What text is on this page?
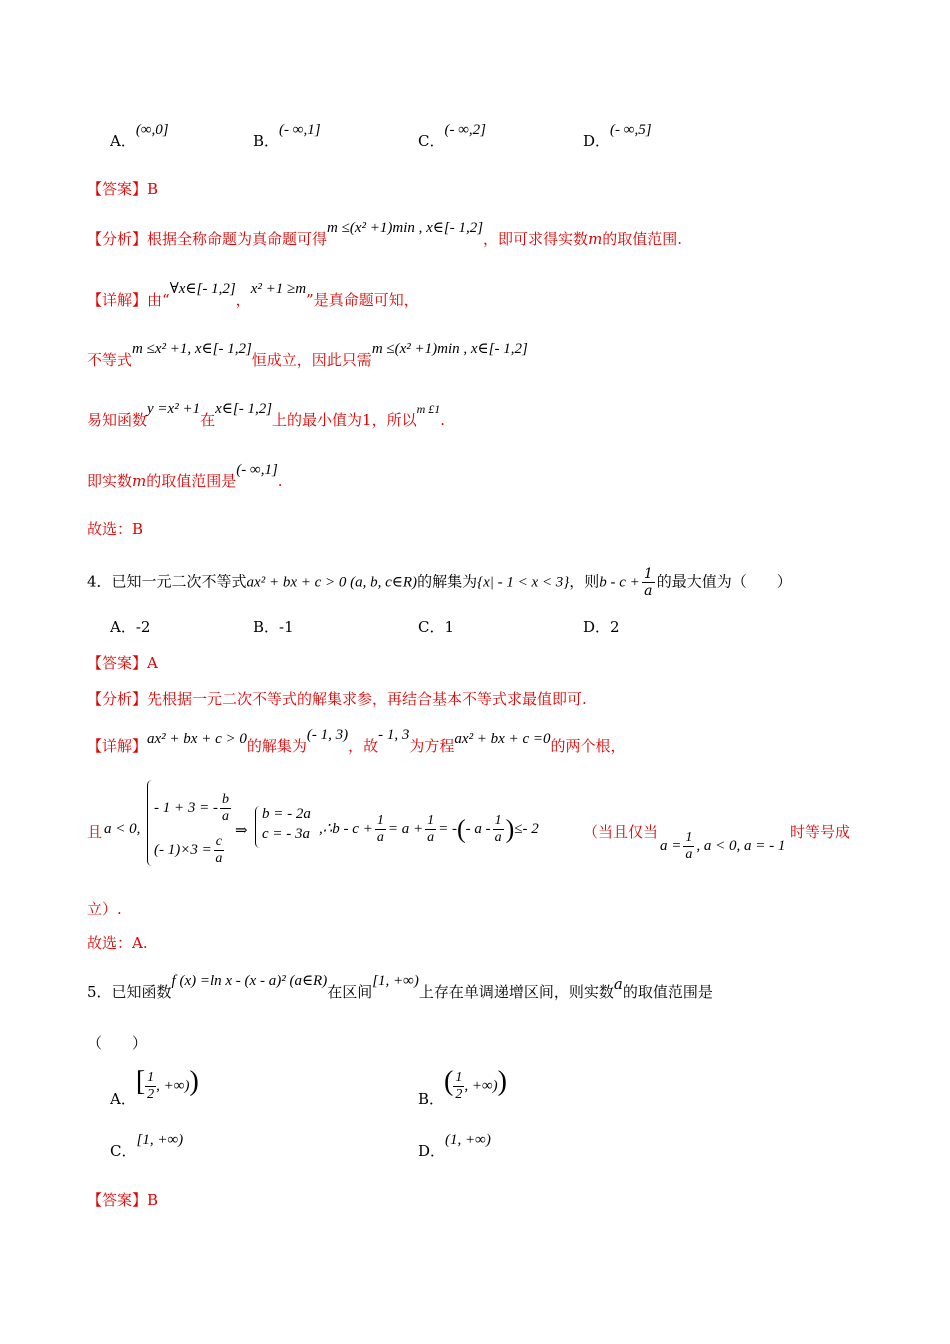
A．(∞,0]
B．(- ∞,1]
C．(- ∞,2]
D．(- ∞,5]
【答案】B
【分析】根据全称命题为真命题可得m ≤(x² +1)min , x∈[- 1,2]，即可求得实数m的取值范围.
【详解】由“∀x∈[- 1,2]，x² +1 ≥m”是真命题可知，
不等式m ≤x² +1, x∈[- 1,2]恒成立，因此只需m ≤(x² +1)min , x∈[- 1,2]
易知函数y =x² +1在x∈[- 1,2]上的最小值为1，所以$^{m £1}$.
即实数m的取值范围是(- ∞,1].
故选：B
4．已知一元二次不等式ax² + bx + c > 0 (a, b, c∈R)的解集为{x| - 1 < x < 3}，则$b - c + \frac{1}{a}$ 的最大值为（　　）
A．-2	B．-1	C．1	D．2
【答案】A
【分析】先根据一元二次不等式的解集求参，再结合基本不等式求最值即可.
【详解】ax² + bx + c > 0的解集为(- 1, 3)，故- 1, 3为方程ax² + bx + c =0的两个根，
且 a < 0,
- 1 + 3 = - $\frac{b}{a}$
(- $1)\times 3 = \frac{c}{a}$
⇒
b = - 2a
c = - 3a ,∴b - $c + \frac{1}{a} = a + \frac{1}{a}$ = -(- a - $\frac{1}{a}$ )≤- 2	（当且仅当
$a = \frac{1}{a}$ , a < 0, a = - 1
时等号成
立）.
故选：A.
5．已知函数f (x) =ln x - (x - a)² (a∈R)在区间[1, +∞)上存在单调递增区间，则实数a的取值范围是
（　　）
A．[ $\frac{1}{2}$ , +∞))
B．( $\frac{1}{2}$ , +∞))
C．[1, +∞)
D．(1, +∞)
【答案】B
